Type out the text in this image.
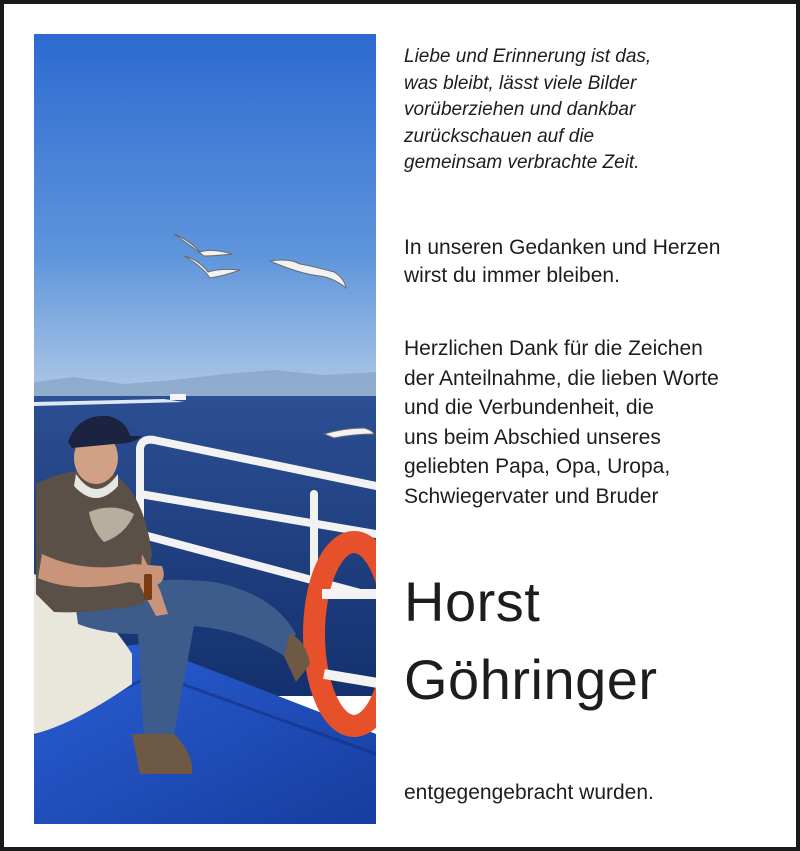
Liebe und Erinnerung ist das,
was bleibt, lässt viele Bilder
vorüberziehen und dankbar
zurückschauen auf die
gemeinsam verbrachte Zeit.
In unseren Gedanken und Herzen
wirst du immer bleiben.
Herzlichen Dank für die Zeichen
der Anteilnahme, die lieben Worte
und die Verbundenheit, die
uns beim Abschied unseres
geliebten Papa, Opa, Uropa,
Schwiegervater und Bruder
Horst
Göhringer
entgegengebracht wurden.
